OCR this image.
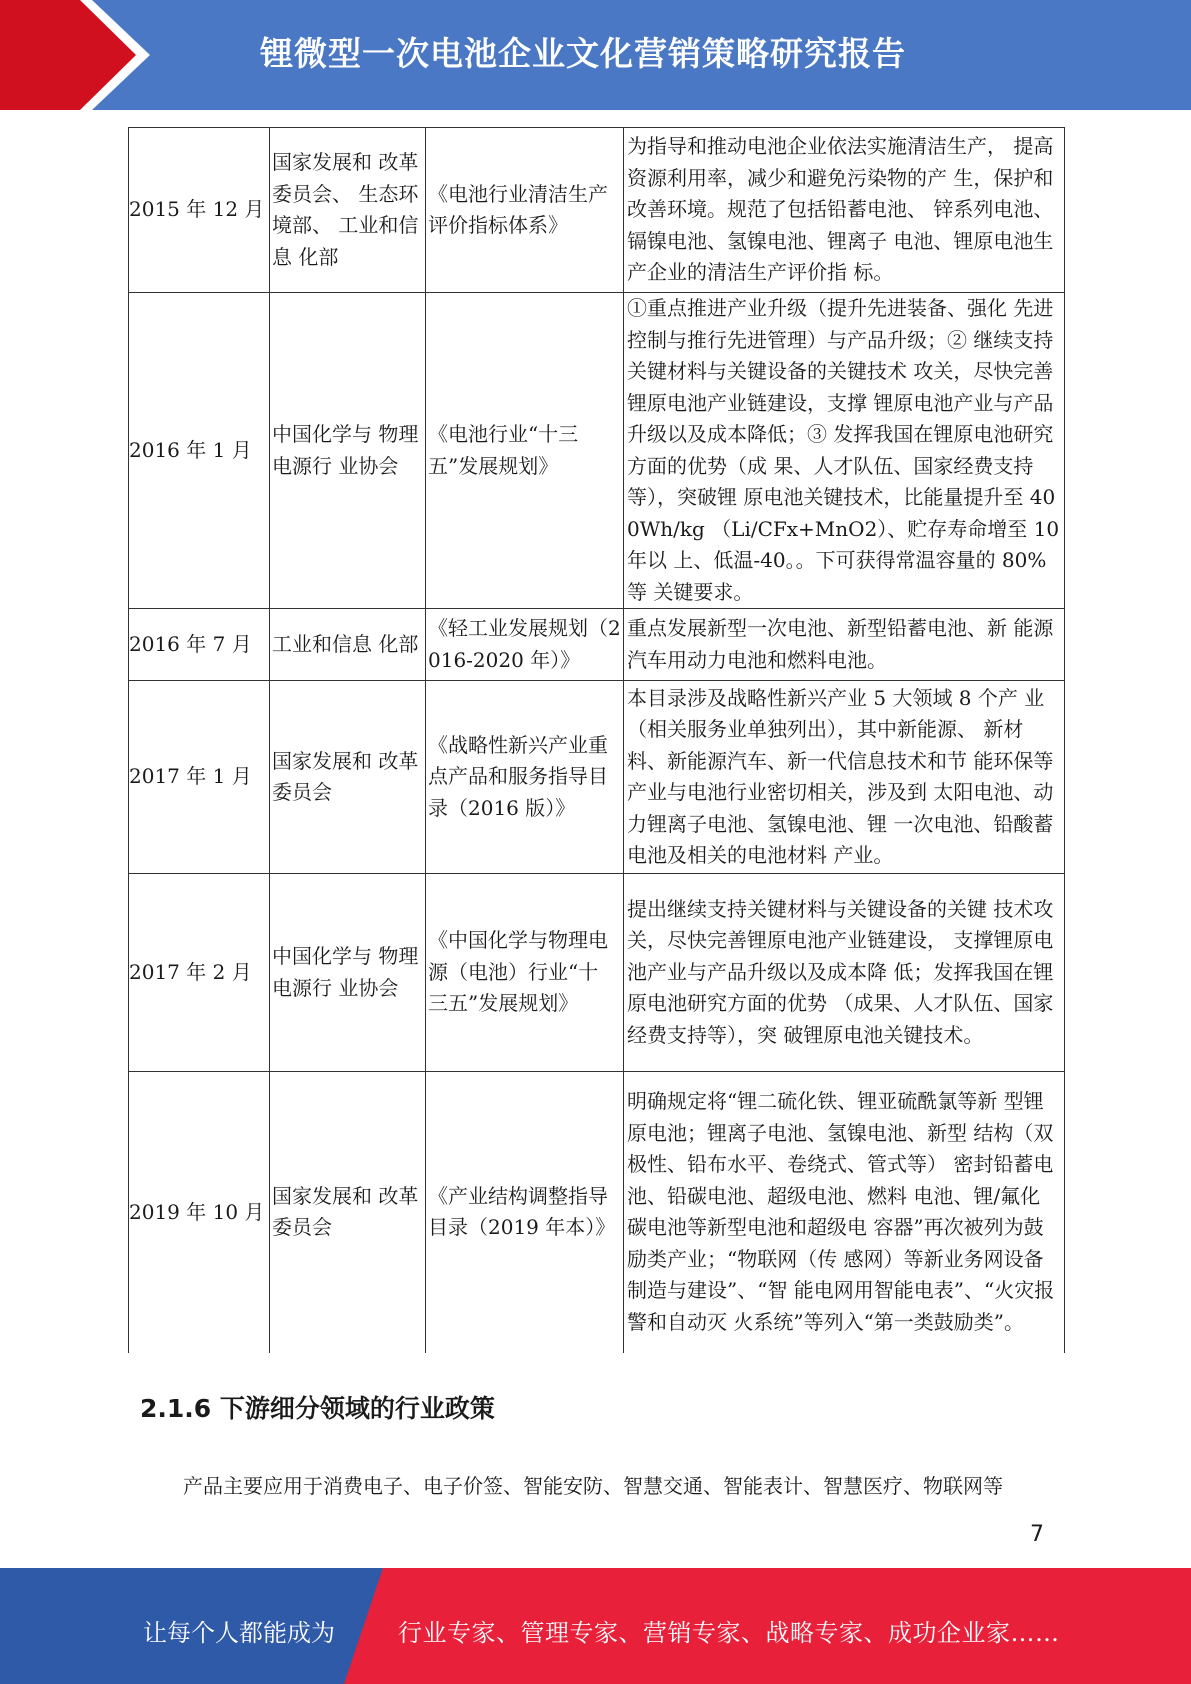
锂微型一次电池企业文化营销策略研究报告
2015 年 12 月	国家发展和 改革委员会、 生态环境部、 工业和信息 化部	《电池行业清洁生产评价指标体系》	为指导和推动电池企业依法实施清洁生产， 提高资源利用率，减少和避免污染物的产 生，保护和改善环境。规范了包括铅蓄电池、 锌系列电池、镉镍电池、氢镍电池、锂离子 电池、锂原电池生产企业的清洁生产评价指 标。
2016 年 1 月	中国化学与 物理电源行 业协会	《电池行业“十三五”发展规划》	①重点推进产业升级（提升先进装备、强化 先进控制与推行先进管理）与产品升级；② 继续支持关键材料与关键设备的关键技术 攻关，尽快完善锂原电池产业链建设，支撑 锂原电池产业与产品升级以及成本降低；③ 发挥我国在锂原电池研究方面的优势（成 果、人才队伍、国家经费支持等），突破锂 原电池关键技术，比能量提升至 400Wh/kg （Li/CFx+MnO2）、贮存寿命增至 10 年以 上、低温-40。。下可获得常温容量的 80%等 关键要求。
2016 年 7 月	工业和信息 化部	《轻工业发展规划（2016-2020 年）》	重点发展新型一次电池、新型铅蓄电池、新 能源汽车用动力电池和燃料电池。
2017 年 1 月	国家发展和 改革委员会	《战略性新兴产业重点产品和服务指导目录（2016 版）》	本目录涉及战略性新兴产业 5 大领域 8 个产 业（相关服务业单独列出），其中新能源、 新材料、新能源汽车、新一代信息技术和节 能环保等产业与电池行业密切相关，涉及到 太阳电池、动力锂离子电池、氢镍电池、锂 一次电池、铅酸蓄电池及相关的电池材料 产业。
2017 年 2 月	中国化学与 物理电源行 业协会	《中国化学与物理电源（电池）行业“十 三五”发展规划》	提出继续支持关键材料与关键设备的关键 技术攻关，尽快完善锂原电池产业链建设， 支撑锂原电池产业与产品升级以及成本降 低；发挥我国在锂原电池研究方面的优势 （成果、人才队伍、国家经费支持等），突 破锂原电池关键技术。
2019 年 10 月	国家发展和 改革委员会	《产业结构调整指导目录（2019 年本）》	明确规定将“锂二硫化铁、锂亚硫酰氯等新 型锂原电池；锂离子电池、氢镍电池、新型 结构（双极性、铅布水平、卷绕式、管式等） 密封铅蓄电池、铅碳电池、超级电池、燃料 电池、锂/氟化碳电池等新型电池和超级电 容器”再次被列为鼓励类产业；“物联网（传 感网）等新业务网设备制造与建设”、“智 能电网用智能电表”、“火灾报警和自动灭 火系统”等列入“第一类鼓励类”。
2.1.6 下游细分领域的行业政策
产品主要应用于消费电子、电子价签、智能安防、智慧交通、智能表计、智慧医疗、物联网等
7
让每个人都能成为	行业专家、管理专家、营销专家、战略专家、成功企业家……
